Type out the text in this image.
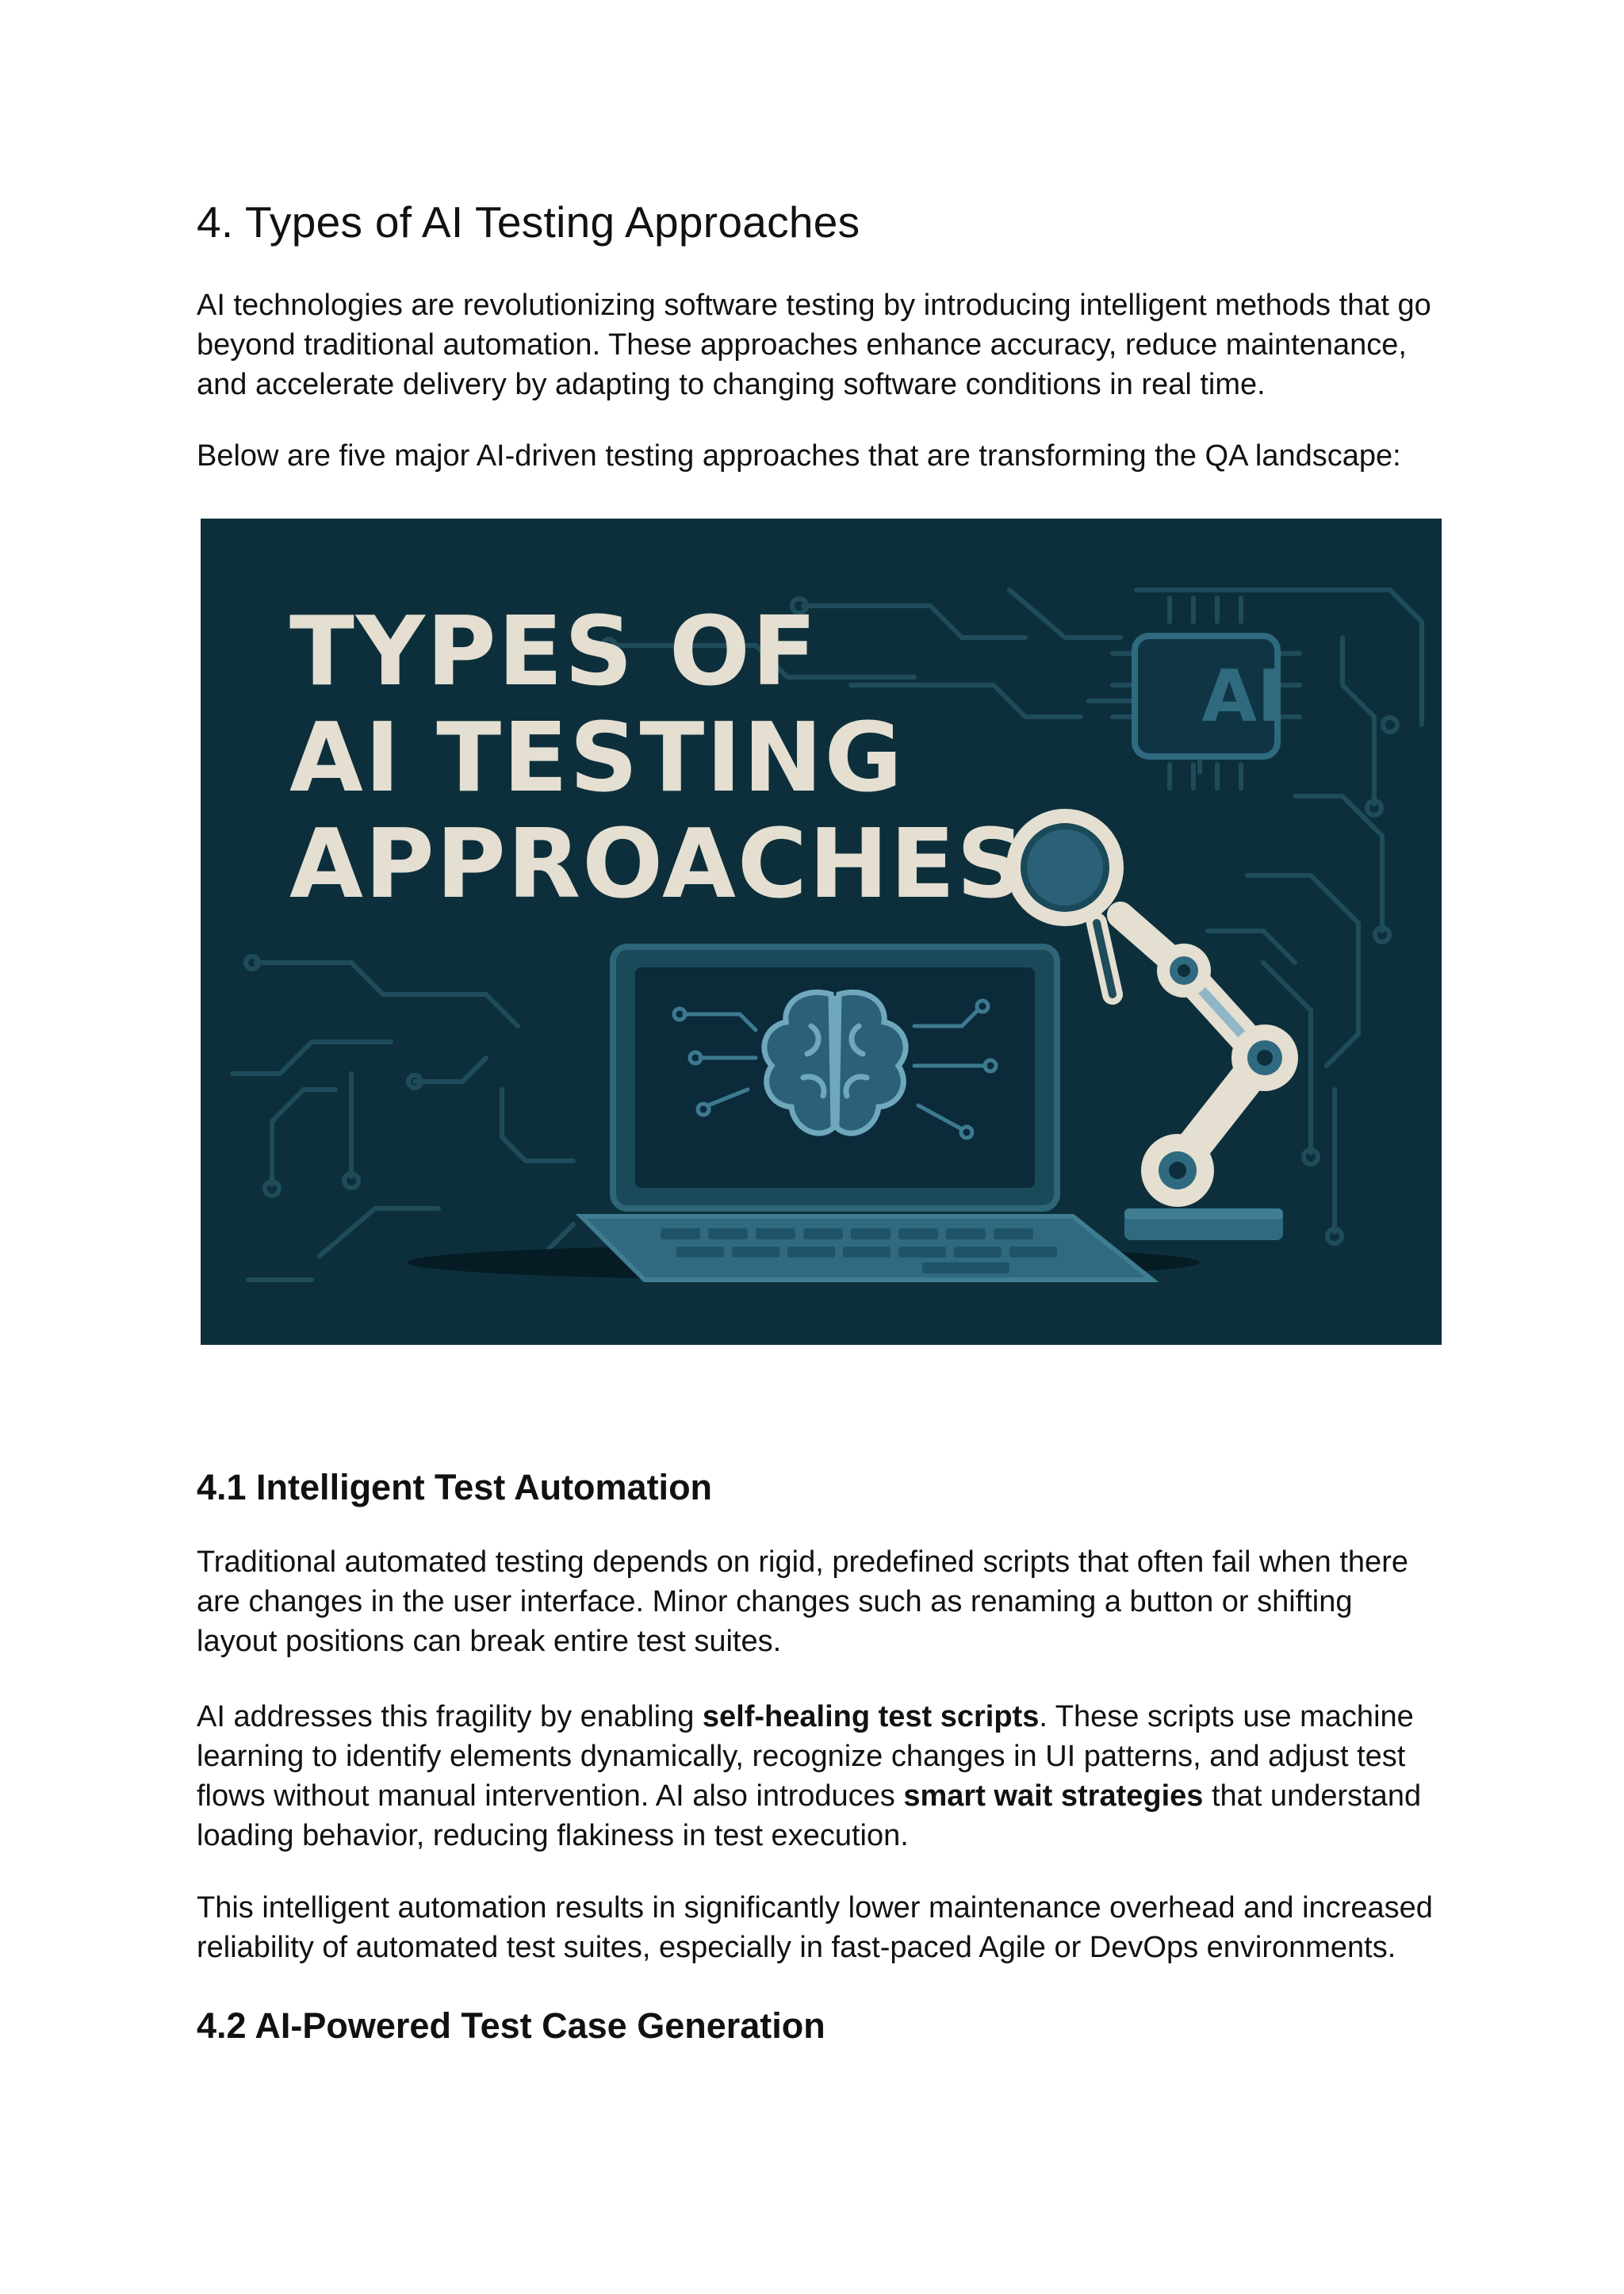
4. Types of AI Testing Approaches

AI technologies are revolutionizing software testing by introducing intelligent methods that go beyond traditional automation. These approaches enhance accuracy, reduce maintenance, and accelerate delivery by adapting to changing software conditions in real time.

Below are five major AI-driven testing approaches that are transforming the QA landscape:

4.1 Intelligent Test Automation

Traditional automated testing depends on rigid, predefined scripts that often fail when there are changes in the user interface. Minor changes such as renaming a button or shifting layout positions can break entire test suites.

AI addresses this fragility by enabling self-healing test scripts. These scripts use machine learning to identify elements dynamically, recognize changes in UI patterns, and adjust test flows without manual intervention. AI also introduces smart wait strategies that understand loading behavior, reducing flakiness in test execution.

This intelligent automation results in significantly lower maintenance overhead and increased reliability of automated test suites, especially in fast-paced Agile or DevOps environments.

4.2 AI-Powered Test Case Generation
TYPES OF
AI TESTING
APPROACHES
AI
